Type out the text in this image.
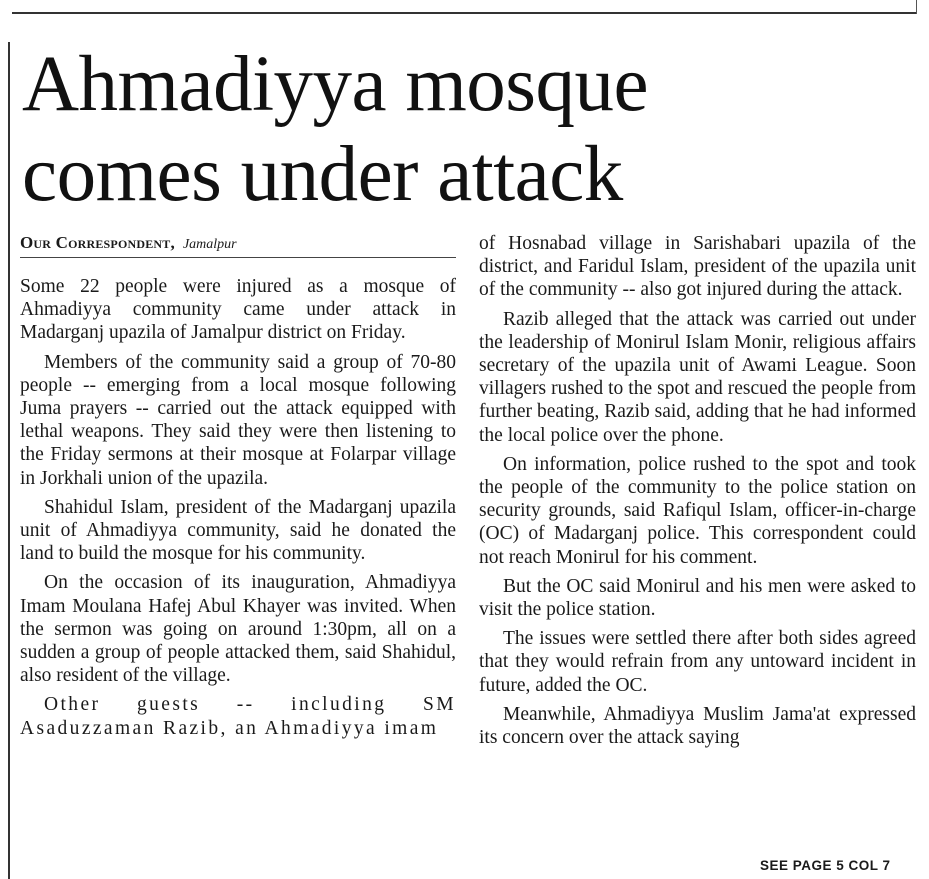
Ahmadiyya mosque
comes under attack
Our Correspondent, Jamalpur

Some 22 people were injured as a mosque of Ahmadiyya community came under attack in Madarganj upazila of Jamalpur district on Friday.

Members of the community said a group of 70-80 people -- emerging from a local mosque following Juma prayers -- carried out the attack equipped with lethal weapons. They said they were then listening to the Friday sermons at their mosque at Folarpar village in Jorkhali union of the upazila.

Shahidul Islam, president of the Madarganj upazila unit of Ahmadiyya community, said he donated the land to build the mosque for his community.

On the occasion of its inauguration, Ahmadiyya Imam Moulana Hafej Abul Khayer was invited. When the sermon was going on around 1:30pm, all on a sudden a group of people attacked them, said Shahidul, also resident of the village.

Other guests -- including SM Asaduzzaman Razib, an Ahmadiyya imam

of Hosnabad village in Sarishabari upazila of the district, and Faridul Islam, president of the upazila unit of the community -- also got injured during the attack.

Razib alleged that the attack was carried out under the leadership of Monirul Islam Monir, religious affairs secretary of the upazila unit of Awami League. Soon villagers rushed to the spot and rescued the people from further beating, Razib said, adding that he had informed the local police over the phone.

On information, police rushed to the spot and took the people of the community to the police station on security grounds, said Rafiqul Islam, officer-in-charge (OC) of Madarganj police. This correspondent could not reach Monirul for his comment.

But the OC said Monirul and his men were asked to visit the police station.

The issues were settled there after both sides agreed that they would refrain from any untoward incident in future, added the OC.

Meanwhile, Ahmadiyya Muslim Jama'at expressed its concern over the attack saying

SEE PAGE 5 COL 7
